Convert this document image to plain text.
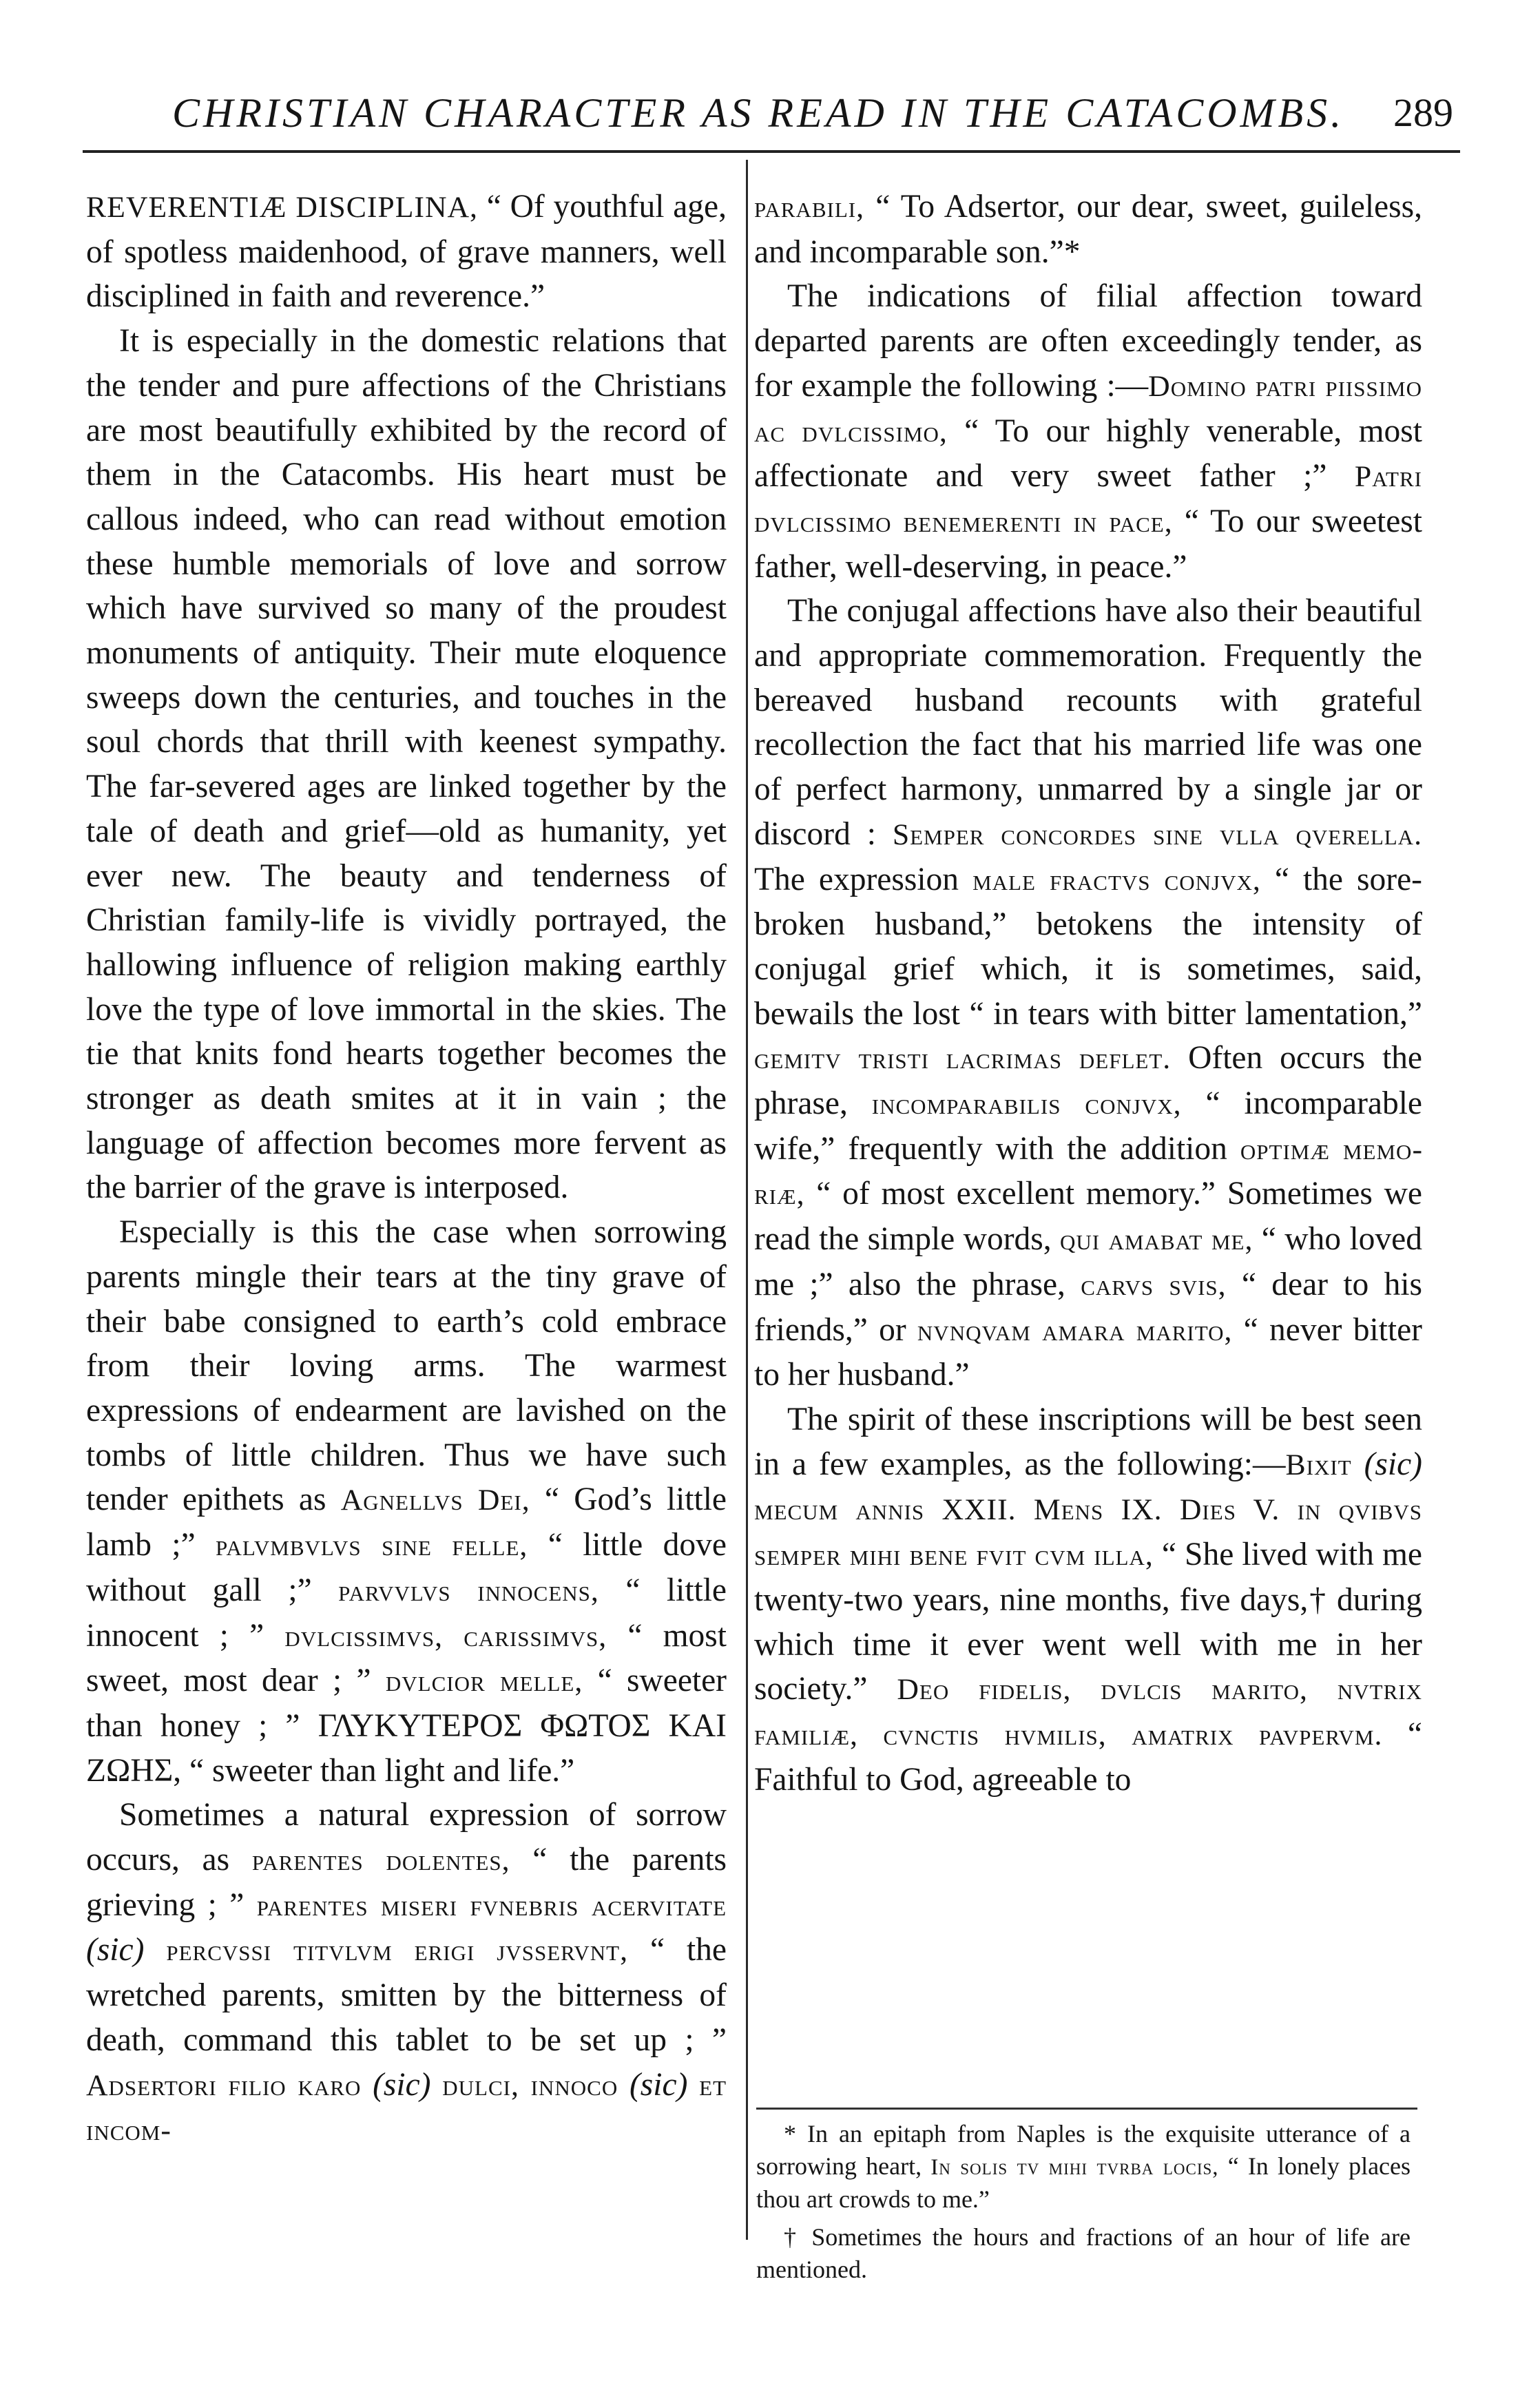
CHRISTIAN CHARACTER AS READ IN THE CATACOMBS. 289

REVERENTIÆ DISCIPLINA, “ Of youthful age, of spotless maidenhood, of grave manners, well disciplined in faith and reverence.”

It is especially in the domestic relations that the tender and pure affections of the Christians are most beautifully exhibited by the record of them in the Catacombs. His heart must be callous indeed, who can read without emotion these humble memorials of love and sorrow which have survived so many of the proudest monuments of antiquity. Their mute eloquence sweeps down the centuries, and touches in the soul chords that thrill with keenest sympathy. The far-severed ages are linked together by the tale of death and grief—old as humanity, yet ever new. The beauty and tenderness of Christian family-life is vividly portrayed, the hallowing influence of religion making earthly love the type of love immortal in the skies. The tie that knits fond hearts together becomes the stronger as death smites at it in vain ; the language of affection becomes more fervent as the barrier of the grave is interposed.

Especially is this the case when sorrowing parents mingle their tears at the tiny grave of their babe consigned to earth’s cold embrace from their loving arms. The warmest expressions of endearment are lavished on the tombs of little children. Thus we have such tender epithets as Agnellvs Dei, “ God’s little lamb ;” palvmbvlvs sine felle, “ little dove without gall ;” parvvlvs innocens, “ little innocent ; ” dvlcissimvs, carissimvs, “ most sweet, most dear ; ” dvlcior melle, “ sweeter than honey ; ” ΓΛΥΚΥΤΕΡΟΣ ΦΩΤΟΣ ΚΑΙ ΖΩΗΣ, “ sweeter than light and life.”

Sometimes a natural expression of sorrow occurs, as parentes dolentes, “ the parents grieving ; ” parentes miseri fvnebris acervitate (sic) percvssi titvlvm erigi jvsservnt, “ the wretched parents, smitten by the bitterness of death, command this tablet to be set up ; ” Adsertori filio karo (sic) dulci, innoco (sic) et incom-

parabili, “ To Adsertor, our dear, sweet, guileless, and incomparable son.”*

The indications of filial affection toward departed parents are often exceedingly tender, as for example the following :—Domino patri piissimo ac dvlcissimo, “ To our highly venerable, most affectionate and very sweet father ;” Patri dvlcissimo benemerenti in pace, “ To our sweetest father, well-deserving, in peace.”

The conjugal affections have also their beautiful and appropriate commemoration. Frequently the bereaved husband recounts with grateful recollection the fact that his married life was one of perfect harmony, unmarred by a single jar or discord : Semper concordes sine vlla qverella. The expression male fractvs conjvx, “ the sore-broken husband,” betokens the intensity of conjugal grief which, it is sometimes, said, bewails the lost “ in tears with bitter lamentation,” gemitv tristi lacrimas deflet. Often occurs the phrase, incomparabilis conjvx, “ incomparable wife,” frequently with the addition optimæ memoriæ, “ of most excellent memory.” Sometimes we read the simple words, qui amabat me, “ who loved me ;” also the phrase, carvs svis, “ dear to his friends,” or nvnqvam amara marito, “ never bitter to her husband.”

The spirit of these inscriptions will be best seen in a few examples, as the following:—Bixit (sic) mecum annis XXII. Mens IX. Dies V. in qvibvs semper mihi bene fvit cvm illa, “ She lived with me twenty-two years, nine months, five days,† during which time it ever went well with me in her society.” Deo fidelis, dvlcis marito, nvtrix familiæ, cvnctis hvmilis, amatrix pavpervm. “ Faithful to God, agreeable to

* In an epitaph from Naples is the exquisite utterance of a sorrowing heart, In solis tv mihi tvrba locis, “ In lonely places thou art crowds to me.”

† Sometimes the hours and fractions of an hour of life are mentioned.
